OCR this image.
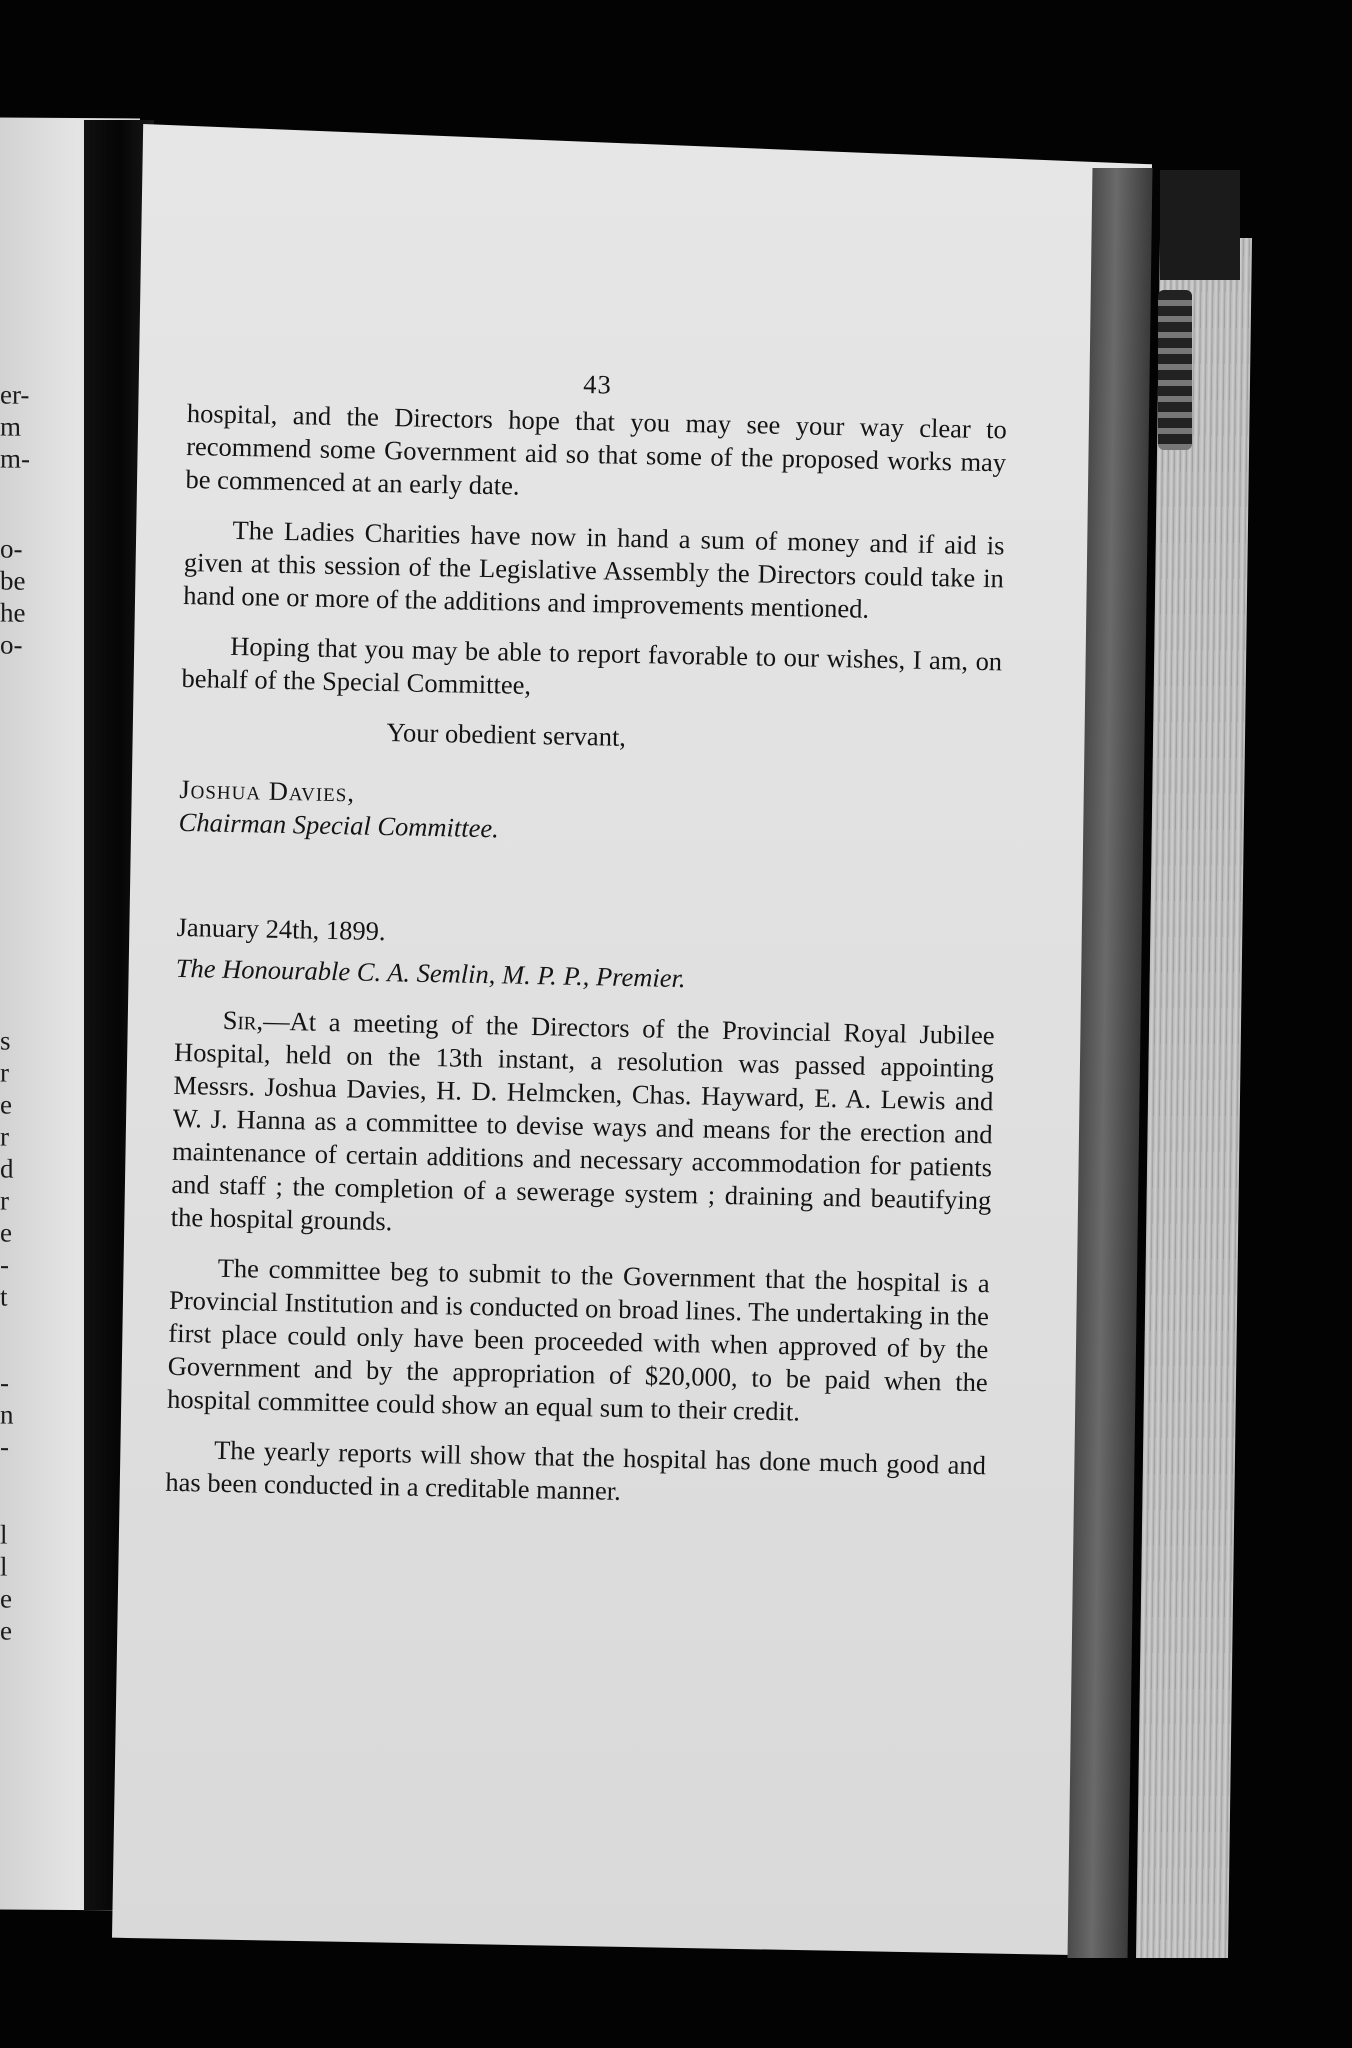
er-
m
m-
o-
be
he
o-
s
r
e
r
d
r
e
-
t
-
n
-
l
l
e
e
43

hospital, and the Directors hope that you may see your way clear to recommend some Government aid so that some of the proposed works may be commenced at an early date.

The Ladies Charities have now in hand a sum of money and if aid is given at this session of the Legislative Assembly the Directors could take in hand one or more of the additions and improvements mentioned.

Hoping that you may be able to report favorable to our wishes, I am, on behalf of the Special Committee,

Your obedient servant,

Joshua Davies,

Chairman Special Committee.

January 24th, 1899.

The Honourable C. A. Semlin, M. P. P., Premier.

Sir,—At a meeting of the Directors of the Provincial Royal Jubilee Hospital, held on the 13th instant, a resolution was passed appointing Messrs. Joshua Davies, H. D. Helmcken, Chas. Hayward, E. A. Lewis and W. J. Hanna as a committee to devise ways and means for the erection and maintenance of certain additions and necessary accommodation for patients and staff ; the completion of a sewerage system ; draining and beautifying the hospital grounds.

The committee beg to submit to the Government that the hospital is a Provincial Institution and is conducted on broad lines. The undertaking in the first place could only have been proceeded with when approved of by the Government and by the appropriation of $20,000, to be paid when the hospital committee could show an equal sum to their credit.

The yearly reports will show that the hospital has done much good and has been conducted in a creditable manner.
